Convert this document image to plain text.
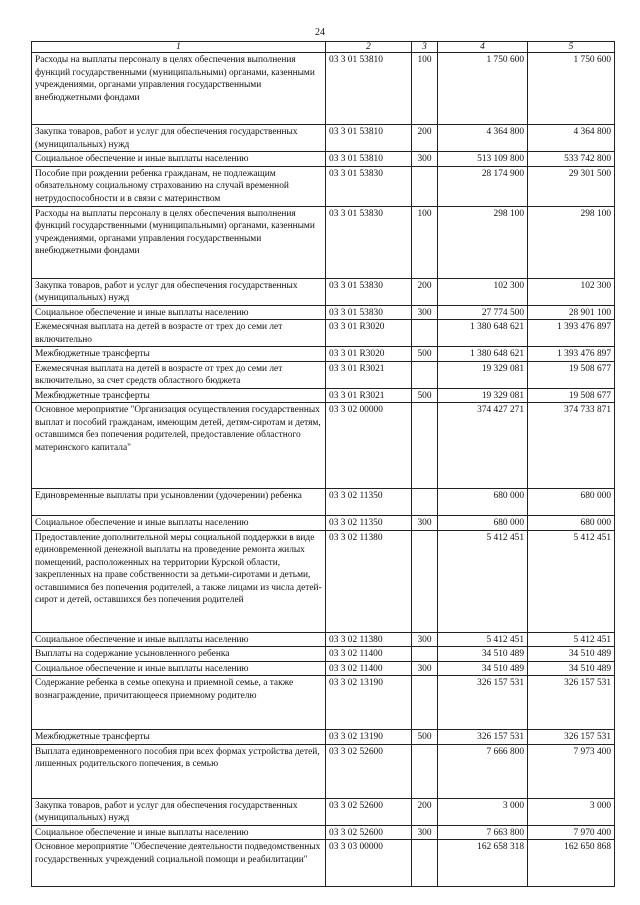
24
1	2	3	4	5
Расходы на выплаты персоналу в целях обеспечения выполнения функций государственными (муниципальными) органами, казенными учреждениями, органами управления государственными внебюджетными фондами	03 3 01 53810	100	1 750 600	1 750 600
Закупка товаров, работ и услуг для обеспечения государственных (муниципальных) нужд	03 3 01 53810	200	4 364 800	4 364 800
Социальное обеспечение и иные выплаты населению	03 3 01 53810	300	513 109 800	533 742 800
Пособие при рождении ребенка гражданам, не подлежащим обязательному социальному страхованию на случай временной нетрудоспособности и в связи с материнством	03 3 01 53830		28 174 900	29 301 500
Расходы на выплаты персоналу в целях обеспечения выполнения функций государственными (муниципальными) органами, казенными учреждениями, органами управления государственными внебюджетными фондами	03 3 01 53830	100	298 100	298 100
Закупка товаров, работ и услуг для обеспечения государственных (муниципальных) нужд	03 3 01 53830	200	102 300	102 300
Социальное обеспечение и иные выплаты населению	03 3 01 53830	300	27 774 500	28 901 100
Ежемесячная выплата на детей в возрасте от трех до семи лет включительно	03 3 01 R3020		1 380 648 621	1 393 476 897
Межбюджетные трансферты	03 3 01 R3020	500	1 380 648 621	1 393 476 897
Ежемесячная выплата на детей в возрасте от трех до семи лет включительно, за счет средств областного бюджета	03 3 01 R3021		19 329 081	19 508 677
Межбюджетные трансферты	03 3 01 R3021	500	19 329 081	19 508 677
Основное мероприятие "Организация осуществления государственных выплат и пособий гражданам, имеющим детей, детям-сиротам и детям, оставшимся без попечения родителей, предоставление областного материнского капитала"	03 3 02 00000		374 427 271	374 733 871
Единовременные выплаты при усыновлении (удочерении) ребенка	03 3 02 11350		680 000	680 000
Социальное обеспечение и иные выплаты населению	03 3 02 11350	300	680 000	680 000
Предоставление дополнительной меры социальной поддержки в виде единовременной денежной выплаты на проведение ремонта жилых помещений, расположенных на территории Курской области, закрепленных на праве собственности за детьми-сиротами и детьми, оставшимися без попечения родителей, а также лицами из числа детей-сирот и детей, оставшихся без попечения родителей	03 3 02 11380		5 412 451	5 412 451
Социальное обеспечение и иные выплаты населению	03 3 02 11380	300	5 412 451	5 412 451
Выплаты на содержание усыновленного ребенка	03 3 02 11400		34 510 489	34 510 489
Социальное обеспечение и иные выплаты населению	03 3 02 11400	300	34 510 489	34 510 489
Содержание ребенка в семье опекуна и приемной семье, а также вознаграждение, причитающееся приемному родителю	03 3 02 13190		326 157 531	326 157 531
Межбюджетные трансферты	03 3 02 13190	500	326 157 531	326 157 531
Выплата единовременного пособия при всех формах устройства детей, лишенных родительского попечения, в семью	03 3 02 52600		7 666 800	7 973 400
Закупка товаров, работ и услуг для обеспечения государственных (муниципальных) нужд	03 3 02 52600	200	3 000	3 000
Социальное обеспечение и иные выплаты населению	03 3 02 52600	300	7 663 800	7 970 400
Основное мероприятие "Обеспечение деятельности подведомственных государственных учреждений социальной помощи и реабилитации"	03 3 03 00000		162 658 318	162 650 868
